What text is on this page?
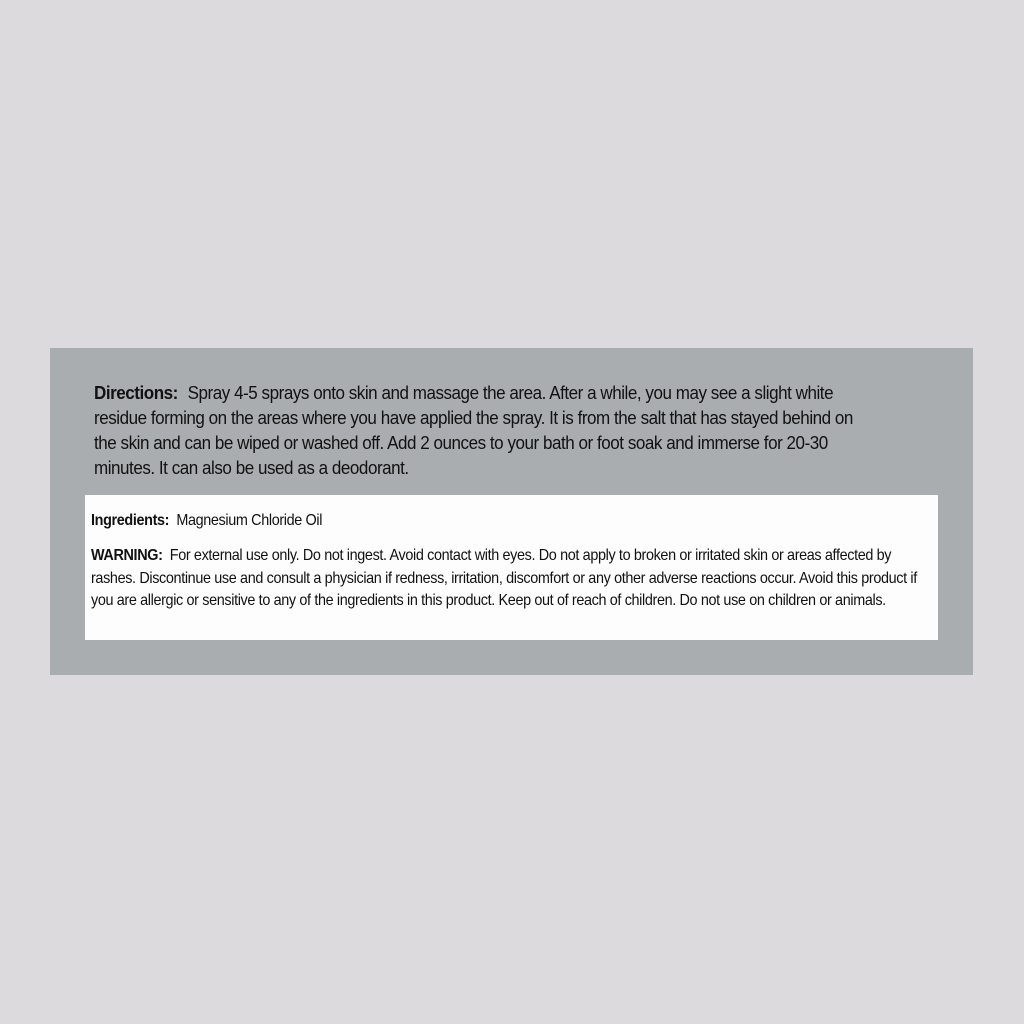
Directions: Spray 4-5 sprays onto skin and massage the area. After a while, you may see a slight white residue forming on the areas where you have applied the spray. It is from the salt that has stayed behind on the skin and can be wiped or washed off. Add 2 ounces to your bath or foot soak and immerse for 20-30 minutes. It can also be used as a deodorant.

Ingredients: Magnesium Chloride Oil

WARNING: For external use only. Do not ingest. Avoid contact with eyes. Do not apply to broken or irritated skin or areas affected by rashes. Discontinue use and consult a physician if redness, irritation, discomfort or any other adverse reactions occur. Avoid this product if you are allergic or sensitive to any of the ingredients in this product. Keep out of reach of children. Do not use on children or animals.
